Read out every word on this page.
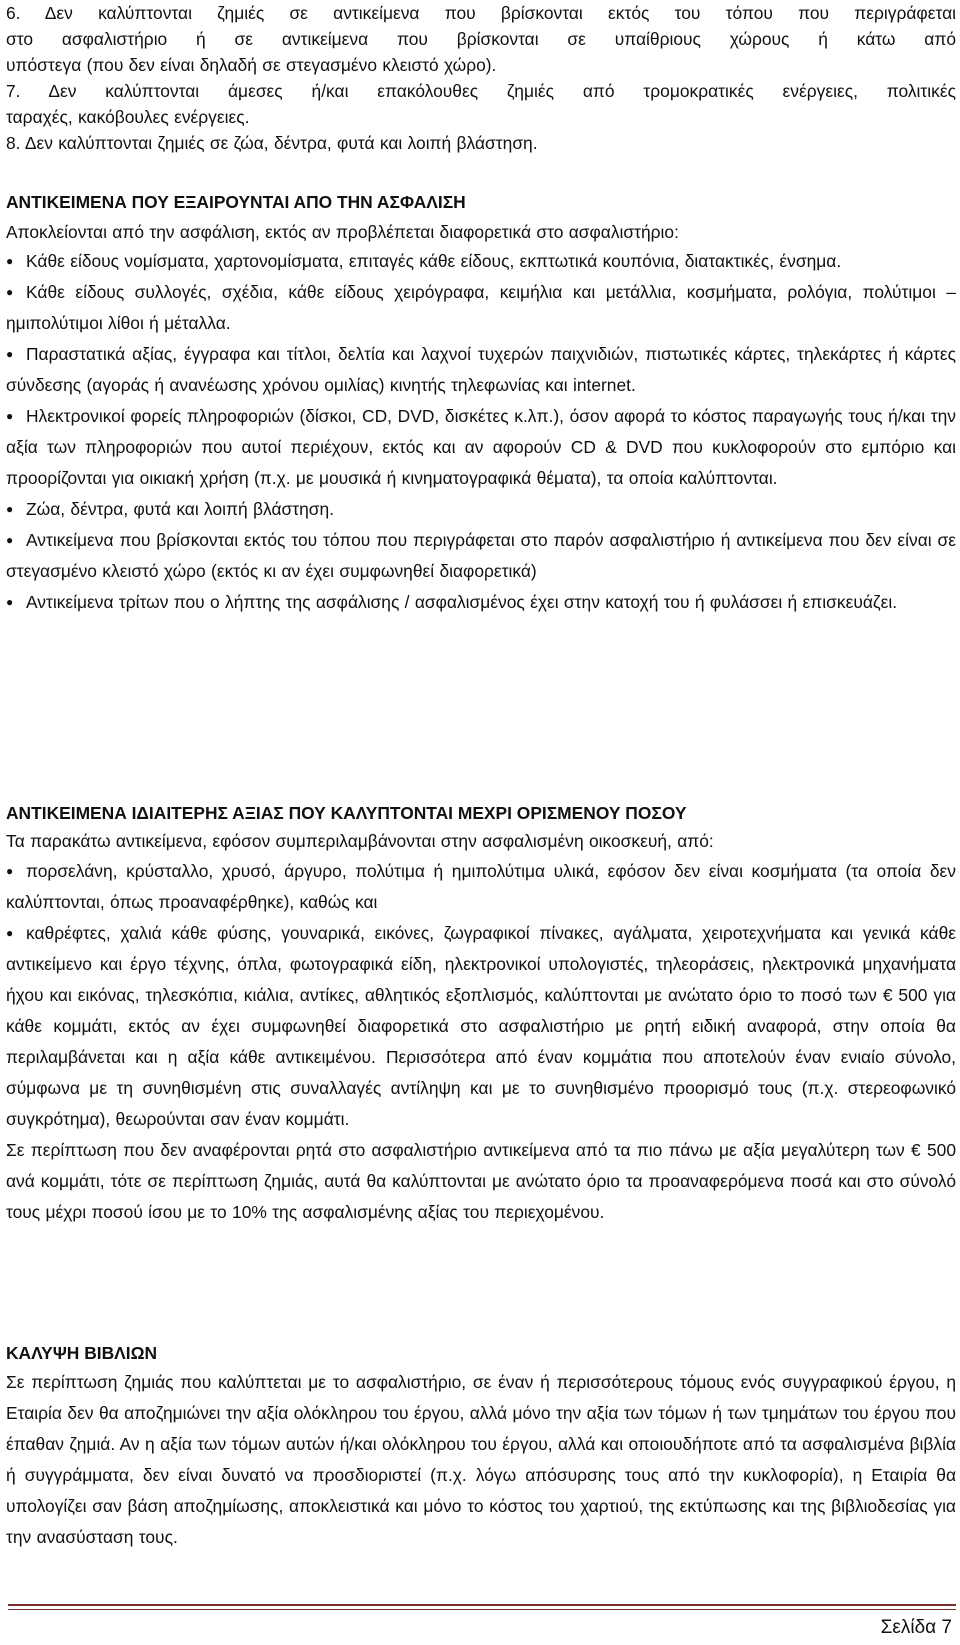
6. Δεν καλύπτονται ζημιές σε αντικείμενα που βρίσκονται εκτός του τόπου που περιγράφεται

στο ασφαλιστήριο ή σε αντικείμενα που βρίσκονται σε υπαίθριους χώρους ή κάτω από

υπόστεγα (που δεν είναι δηλαδή σε στεγασμένο κλειστό χώρο).

7. Δεν καλύπτονται άμεσες ή/και επακόλουθες ζημιές από τρομοκρατικές ενέργειες, πολιτικές

ταραχές, κακόβουλες ενέργειες.

8. Δεν καλύπτονται ζημιές σε ζώα, δέντρα, φυτά και λοιπή βλάστηση.

ΑΝΤΙΚΕΙΜΕΝΑ ΠΟΥ ΕΞΑΙΡΟΥΝΤΑΙ ΑΠΟ ΤΗΝ ΑΣΦΑΛΙΣΗ

Αποκλείονται από την ασφάλιση, εκτός αν προβλέπεται διαφορετικά στο ασφαλιστήριο:

● Κάθε είδους νομίσματα, χαρτονομίσματα, επιταγές κάθε είδους, εκπτωτικά κουπόνια, διατακτικές, ένσημα.

● Κάθε είδους συλλογές, σχέδια, κάθε είδους χειρόγραφα, κειμήλια και μετάλλια, κοσμήματα, ρολόγια, πολύτιμοι – ημιπολύτιμοι λίθοι ή μέταλλα.

● Παραστατικά αξίας, έγγραφα και τίτλοι, δελτία και λαχνοί τυχερών παιχνιδιών, πιστωτικές κάρτες, τηλεκάρτες ή κάρτες σύνδεσης (αγοράς ή ανανέωσης χρόνου ομιλίας) κινητής τηλεφωνίας και internet.

● Ηλεκτρονικοί φορείς πληροφοριών (δίσκοι, CD, DVD, δισκέτες κ.λπ.), όσον αφορά το κόστος παραγωγής τους ή/και την αξία των πληροφοριών που αυτοί περιέχουν, εκτός και αν αφορούν CD & DVD που κυκλοφορούν στο εμπόριο και προορίζονται για οικιακή χρήση (π.χ. με μουσικά ή κινηματογραφικά θέματα), τα οποία καλύπτονται.

● Ζώα, δέντρα, φυτά και λοιπή βλάστηση.

● Αντικείμενα που βρίσκονται εκτός του τόπου που περιγράφεται στο παρόν ασφαλιστήριο ή αντικείμενα που δεν είναι σε στεγασμένο κλειστό χώρο (εκτός κι αν έχει συμφωνηθεί διαφορετικά)

● Αντικείμενα τρίτων που ο λήπτης της ασφάλισης / ασφαλισμένος έχει στην κατοχή του ή φυλάσσει ή επισκευάζει.

ΑΝΤΙΚΕΙΜΕΝΑ ΙΔΙΑΙΤΕΡΗΣ ΑΞΙΑΣ ΠΟΥ ΚΑΛΥΠΤΟΝΤΑΙ ΜΕΧΡΙ ΟΡΙΣΜΕΝΟΥ ΠΟΣΟΥ

Τα παρακάτω αντικείμενα, εφόσον συμπεριλαμβάνονται στην ασφαλισμένη οικοσκευή, από:

● πορσελάνη, κρύσταλλο, χρυσό, άργυρο, πολύτιμα ή ημιπολύτιμα υλικά, εφόσον δεν είναι κοσμήματα (τα οποία δεν καλύπτονται, όπως προαναφέρθηκε), καθώς και

● καθρέφτες, χαλιά κάθε φύσης, γουναρικά, εικόνες, ζωγραφικοί πίνακες, αγάλματα, χειροτεχνήματα και γενικά κάθε αντικείμενο και έργο τέχνης, όπλα, φωτογραφικά είδη, ηλεκτρονικοί υπολογιστές, τηλεοράσεις, ηλεκτρονικά μηχανήματα ήχου και εικόνας, τηλεσκόπια, κιάλια, αντίκες, αθλητικός εξοπλισμός, καλύπτονται με ανώτατο όριο το ποσό των € 500 για κάθε κομμάτι, εκτός αν έχει συμφωνηθεί διαφορετικά στο ασφαλιστήριο με ρητή ειδική αναφορά, στην οποία θα περιλαμβάνεται και η αξία κάθε αντικειμένου. Περισσότερα από έναν κομμάτια που αποτελούν έναν ενιαίο σύνολο, σύμφωνα με τη συνηθισμένη στις συναλλαγές αντίληψη και με το συνηθισμένο προορισμό τους (π.χ. στερεοφωνικό συγκρότημα), θεωρούνται σαν έναν κομμάτι.

Σε περίπτωση που δεν αναφέρονται ρητά στο ασφαλιστήριο αντικείμενα από τα πιο πάνω με αξία μεγαλύτερη των € 500 ανά κομμάτι, τότε σε περίπτωση ζημιάς, αυτά θα καλύπτονται με ανώτατο όριο τα προαναφερόμενα ποσά και στο σύνολό τους μέχρι ποσού ίσου με το 10% της ασφαλισμένης αξίας του περιεχομένου.

ΚΑΛΥΨΗ ΒΙΒΛΙΩΝ

Σε περίπτωση ζημιάς που καλύπτεται με το ασφαλιστήριο, σε έναν ή περισσότερους τόμους ενός συγγραφικού έργου, η Εταιρία δεν θα αποζημιώνει την αξία ολόκληρου του έργου, αλλά μόνο την αξία των τόμων ή των τμημάτων του έργου που έπαθαν ζημιά. Αν η αξία των τόμων αυτών ή/και ολόκληρου του έργου, αλλά και οποιουδήποτε από τα ασφαλισμένα βιβλία ή συγγράμματα, δεν είναι δυνατό να προσδιοριστεί (π.χ. λόγω απόσυρσης τους από την κυκλοφορία), η Εταιρία θα υπολογίζει σαν βάση αποζημίωσης, αποκλειστικά και μόνο το κόστος του χαρτιού, της εκτύπωσης και της βιβλιοδεσίας για την ανασύσταση τους.

Σελίδα 7
